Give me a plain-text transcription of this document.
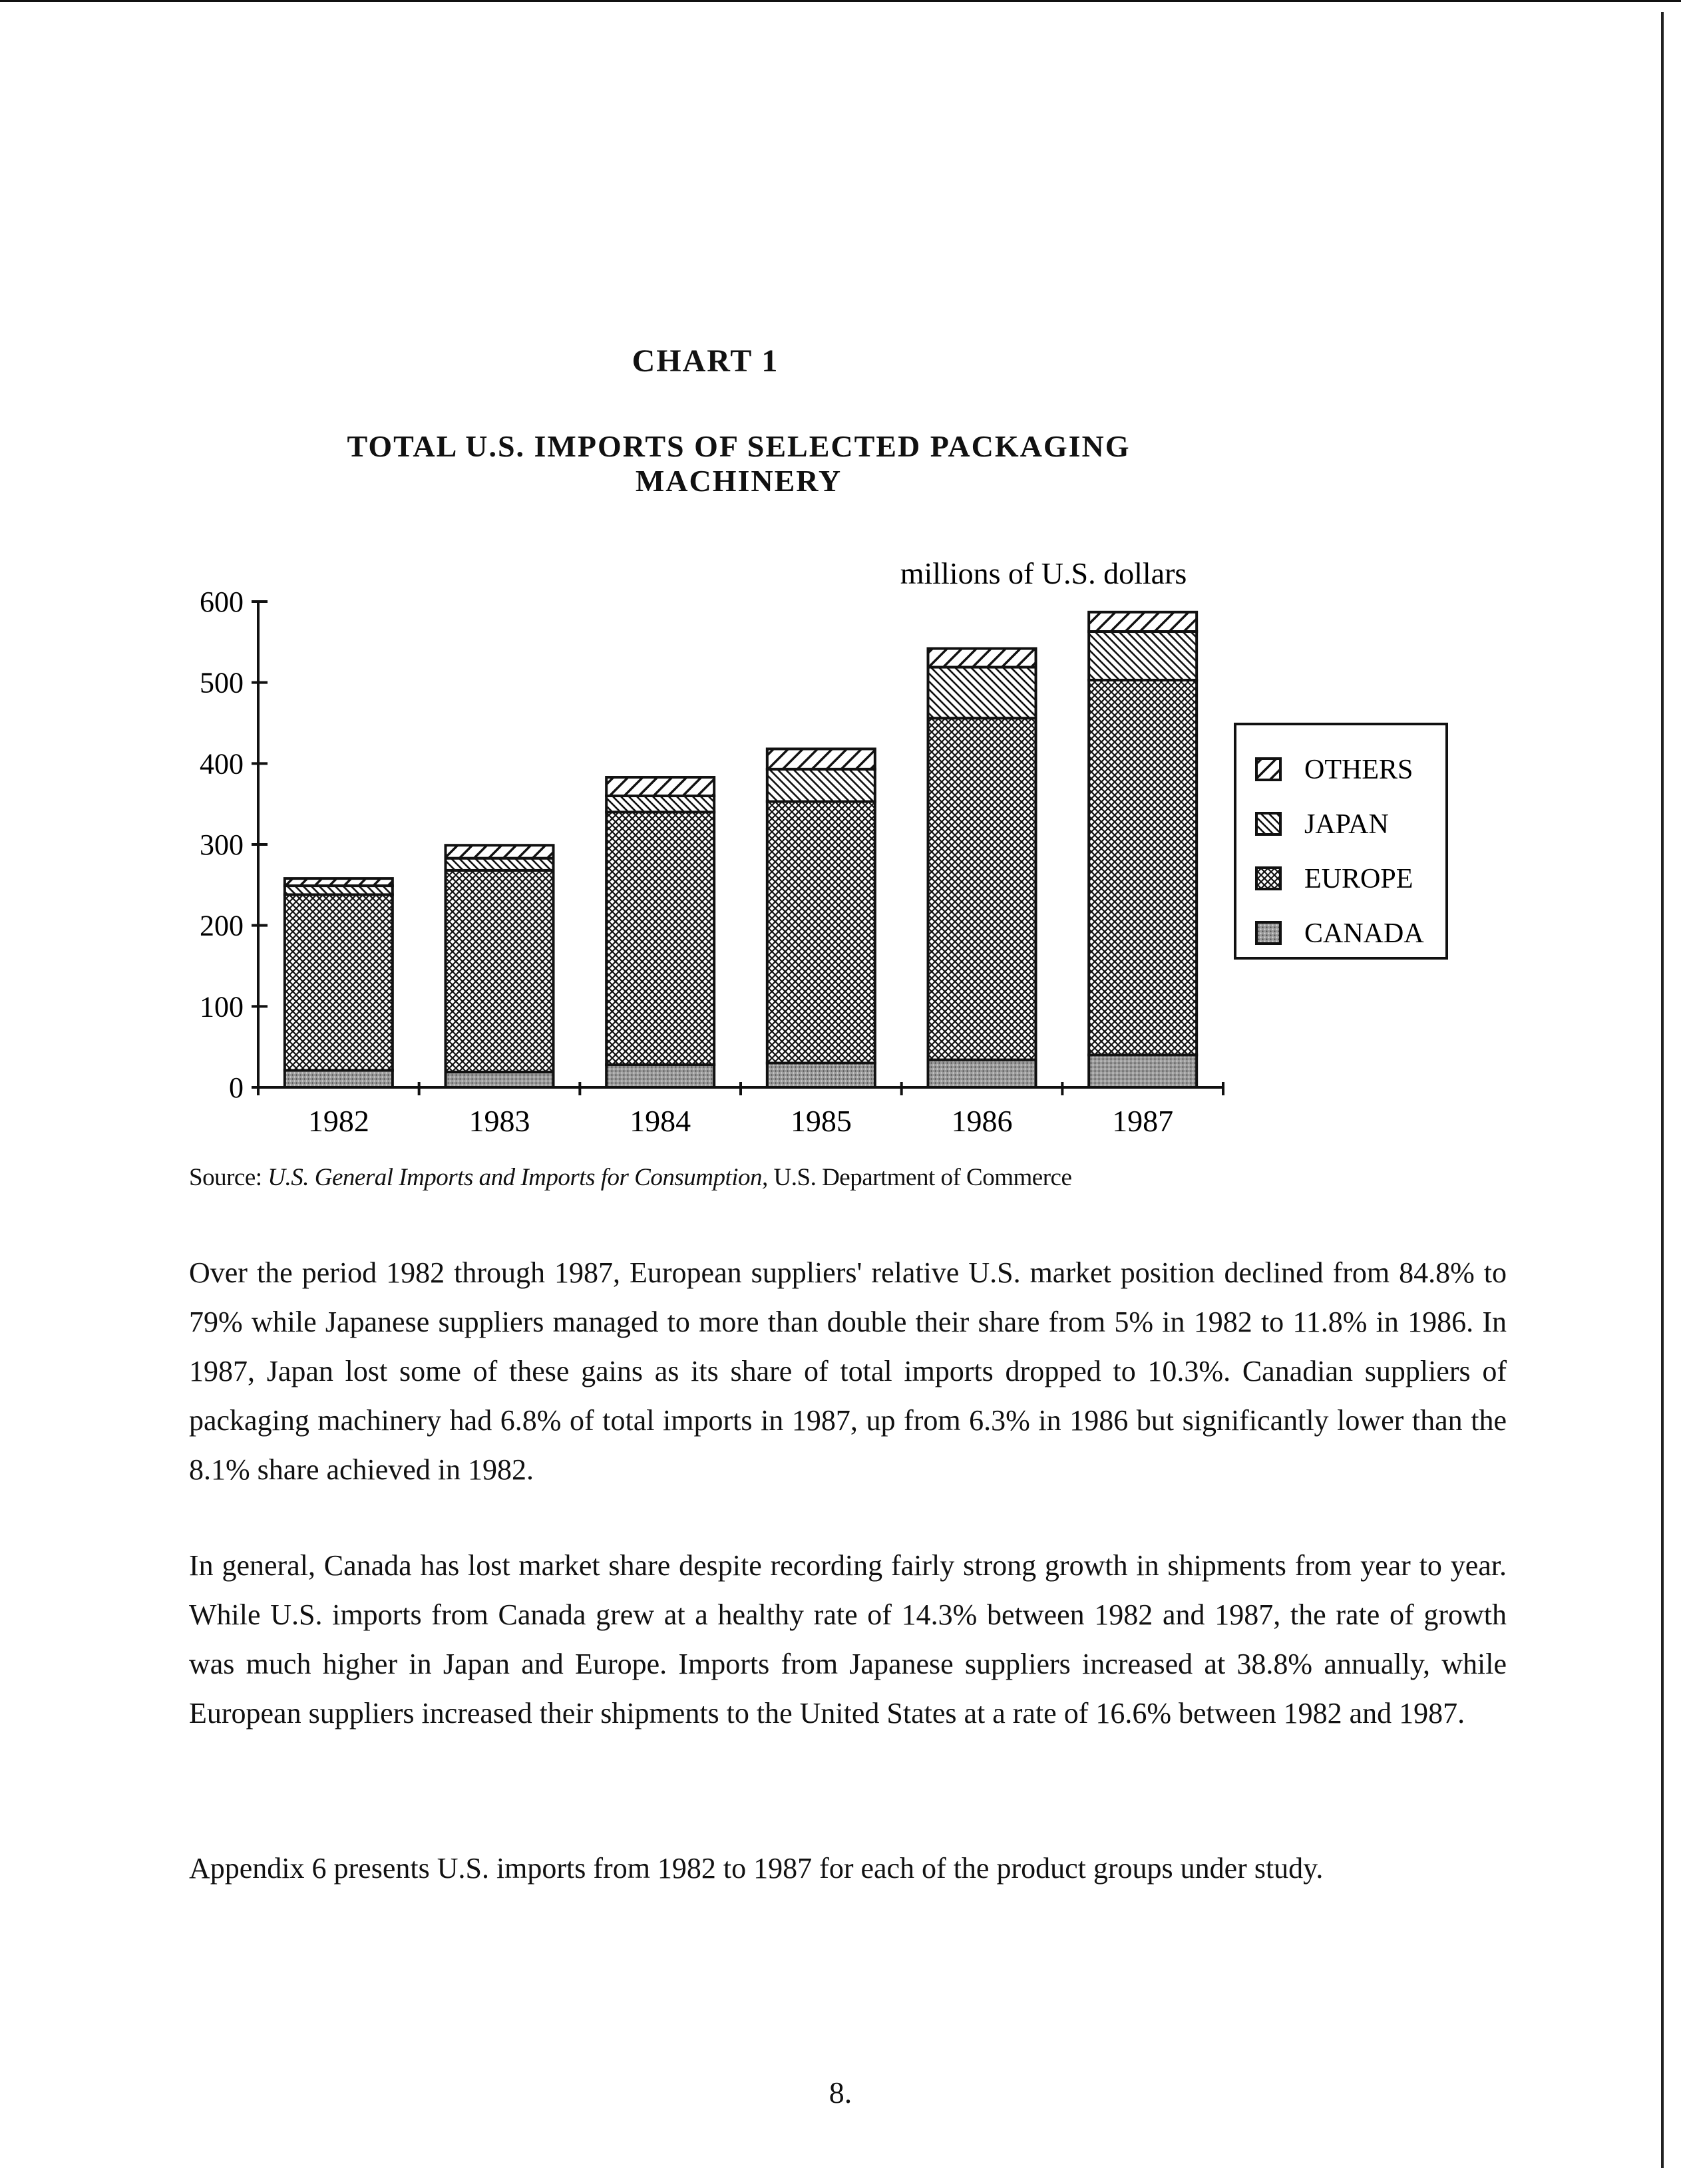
CHART 1
TOTAL U.S. IMPORTS OF SELECTED PACKAGING MACHINERY
0
100
200
300
400
500
600
1982	1983	1984	1985	1986	1987
millions of U.S. dollars
OTHERS
JAPAN
EUROPE
CANADA
Source: U.S. General Imports and Imports for Consumption, U.S. Department of Commerce

Over the period 1982 through 1987, European suppliers' relative U.S. market position declined from 84.8% to 79% while Japanese suppliers managed to more than double their share from 5% in 1982 to 11.8% in 1986. In 1987, Japan lost some of these gains as its share of total imports dropped to 10.3%. Canadian suppliers of packaging machinery had 6.8% of total imports in 1987, up from 6.3% in 1986 but significantly lower than the 8.1% share achieved in 1982.

In general, Canada has lost market share despite recording fairly strong growth in shipments from year to year. While U.S. imports from Canada grew at a healthy rate of 14.3% between 1982 and 1987, the rate of growth was much higher in Japan and Europe. Imports from Japanese suppliers increased at 38.8% annually, while European suppliers increased their shipments to the United States at a rate of 16.6% between 1982 and 1987.

Appendix 6 presents U.S. imports from 1982 to 1987 for each of the product groups under study.

8.
